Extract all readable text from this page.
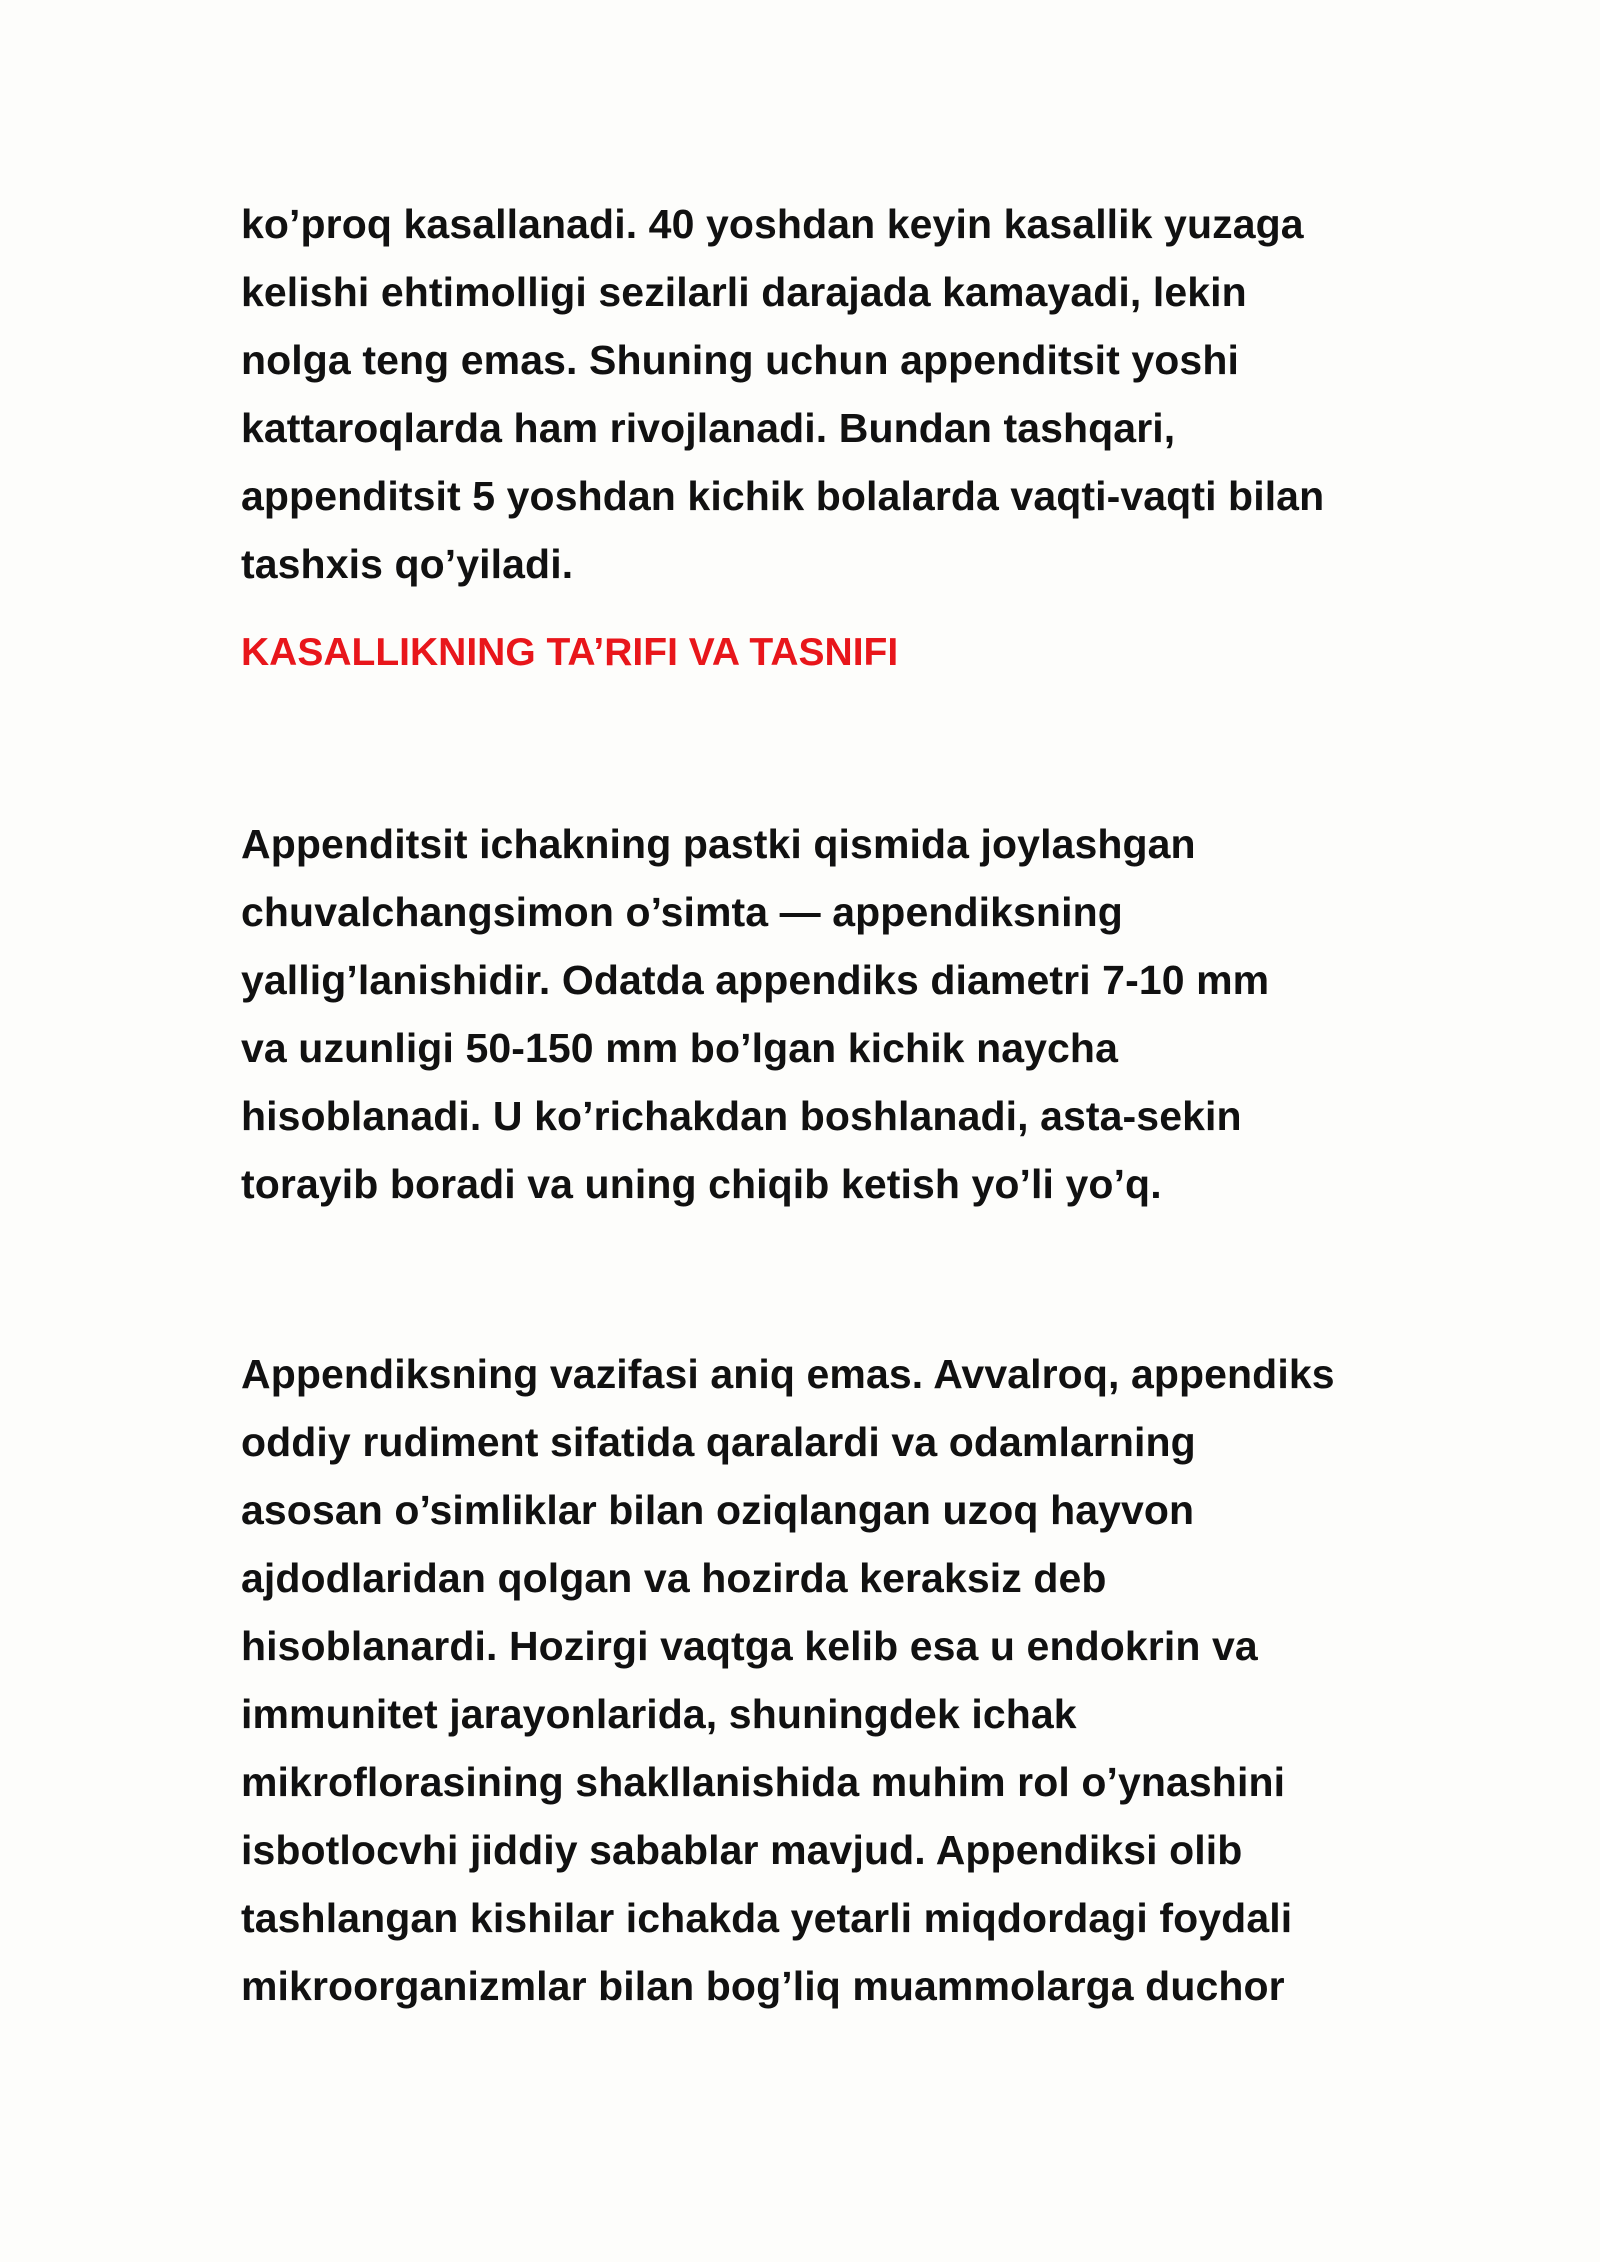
ko’proq kasallanadi. 40 yoshdan keyin kasallik yuzaga
kelishi ehtimolligi sezilarli darajada kamayadi, lekin
nolga teng emas. Shuning uchun appenditsit yoshi
kattaroqlarda ham rivojlanadi. Bundan tashqari,
appenditsit 5 yoshdan kichik bolalarda vaqti-vaqti bilan
tashxis qo’yiladi.

KASALLIKNING TA’RIFI VA TASNIFI

Appenditsit ichakning pastki qismida joylashgan
chuvalchangsimon o’simta — appendiksning
yallig’lanishidir. Odatda appendiks diametri 7-10 mm
va uzunligi 50-150 mm bo’lgan kichik naycha
hisoblanadi. U ko’richakdan boshlanadi, asta-sekin
torayib boradi va uning chiqib ketish yo’li yo’q.

Appendiksning vazifasi aniq emas. Avvalroq, appendiks
oddiy rudiment sifatida qaralardi va odamlarning
asosan o’simliklar bilan oziqlangan uzoq hayvon
ajdodlaridan qolgan va hozirda keraksiz deb
hisoblanardi. Hozirgi vaqtga kelib esa u endokrin va
immunitet jarayonlarida, shuningdek ichak
mikroflorasining shakllanishida muhim rol o’ynashini
isbotlocvhi jiddiy sabablar mavjud. Appendiksi olib
tashlangan kishilar ichakda yetarli miqdordagi foydali
mikroorganizmlar bilan bog’liq muammolarga duchor
